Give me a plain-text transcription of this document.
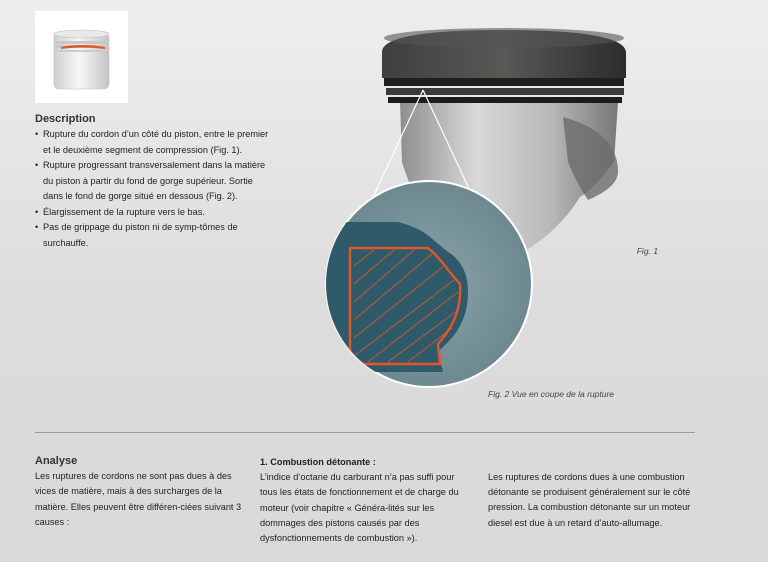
Description
• Rupture du cordon d’un côté du piston, entre le premier et le deuxième segment de compression (Fig. 1).
• Rupture progressant transversalement dans la matière du piston à partir du fond de gorge supérieur. Sortie dans le fond de gorge situé en dessous (Fig. 2).
• Élargissement de la rupture vers le bas.
• Pas de grippage du piston ni de symp-tômes de surchauffe.
Fig. 1
Fig. 2 Vue en coupe de la rupture
Analyse

Les ruptures de cordons ne sont pas dues à des vices de matière, mais à des surcharges de la matière. Elles peuvent être différen-ciées suivant 3 causes :

1. Combustion détonante :

L’indice d’octane du carburant n’a pas suffi pour tous les états de fonctionnement et de charge du moteur (voir chapitre « Généra-lités sur les dommages des pistons causés par des dysfonctionnements de combustion »).

Les ruptures de cordons dues à une combustion détonante se produisent généralement sur le côté pression. La combustion détonante sur un moteur diesel est due à un retard d’auto-allumage.
